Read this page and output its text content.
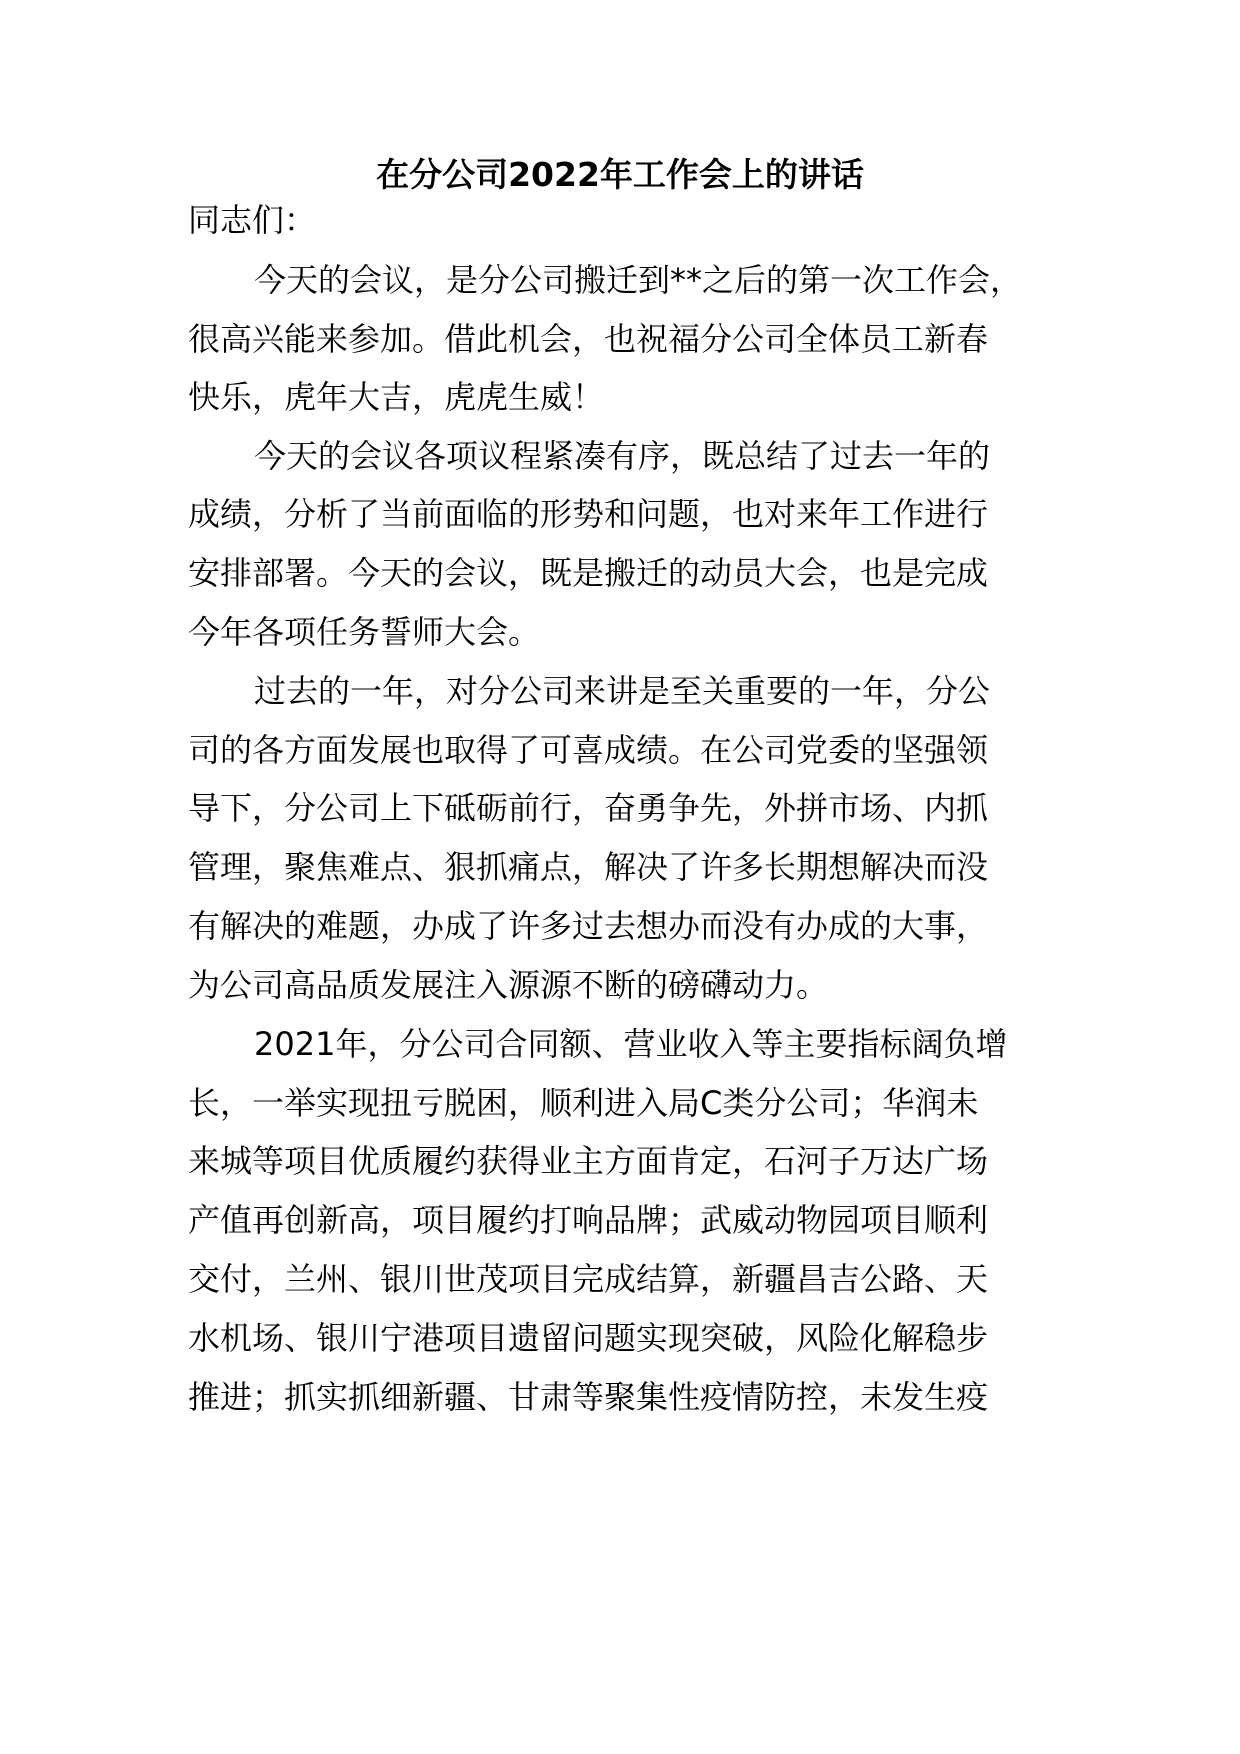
在分公司2022年工作会上的讲话

同志们：

今天的会议，是分公司搬迁到**之后的第一次工作会，

很高兴能来参加。借此机会，也祝福分公司全体员工新春

快乐，虎年大吉，虎虎生威！

今天的会议各项议程紧凑有序，既总结了过去一年的

成绩，分析了当前面临的形势和问题，也对来年工作进行

安排部署。今天的会议，既是搬迁的动员大会，也是完成

今年各项任务誓师大会。

过去的一年，对分公司来讲是至关重要的一年，分公

司的各方面发展也取得了可喜成绩。在公司党委的坚强领

导下，分公司上下砥砺前行，奋勇争先，外拼市场、内抓

管理，聚焦难点、狠抓痛点，解决了许多长期想解决而没

有解决的难题，办成了许多过去想办而没有办成的大事，

为公司高品质发展注入源源不断的磅礴动力。

2021年，分公司合同额、营业收入等主要指标阔负增

长，一举实现扭亏脱困，顺利进入局C类分公司；华润未

来城等项目优质履约获得业主方面肯定，石河子万达广场

产值再创新高，项目履约打响品牌；武威动物园项目顺利

交付，兰州、银川世茂项目完成结算，新疆昌吉公路、天

水机场、银川宁港项目遗留问题实现突破，风险化解稳步

推进；抓实抓细新疆、甘肃等聚集性疫情防控，未发生疫
